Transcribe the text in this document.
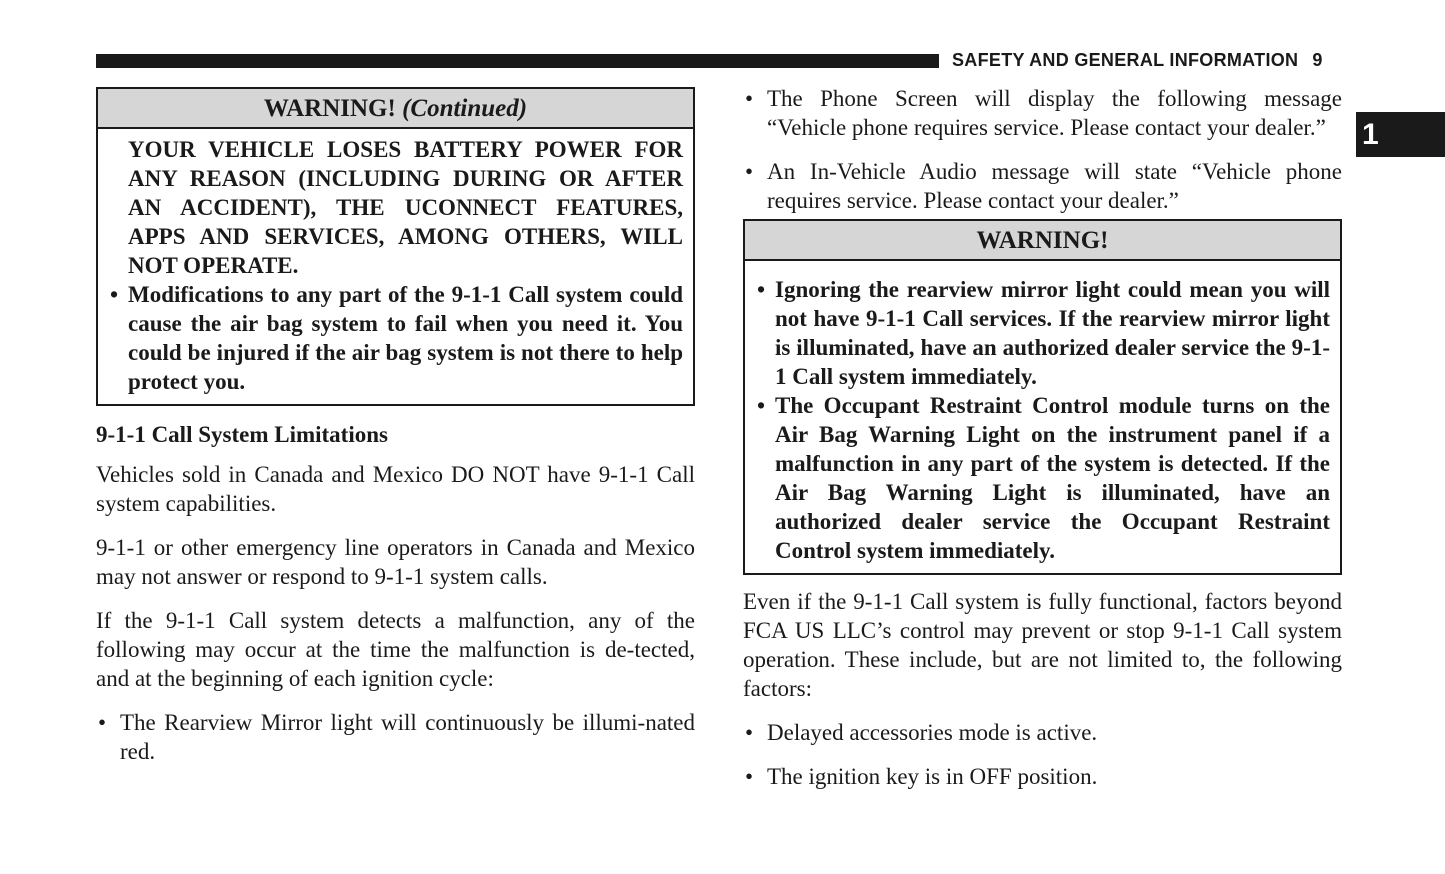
SAFETY AND GENERAL INFORMATION 9
1
WARNING! (Continued)

YOUR VEHICLE LOSES BATTERY POWER FOR ANY REASON (INCLUDING DURING OR AFTER AN ACCIDENT), THE UCONNECT FEATURES, APPS AND SERVICES, AMONG OTHERS, WILL NOT OPERATE.

• Modifications to any part of the 9-1-1 Call system could cause the air bag system to fail when you need it. You could be injured if the air bag system is not there to help protect you.

9-1-1 Call System Limitations

Vehicles sold in Canada and Mexico DO NOT have 9-1-1 Call system capabilities.

9-1-1 or other emergency line operators in Canada and Mexico may not answer or respond to 9-1-1 system calls.

If the 9-1-1 Call system detects a malfunction, any of the following may occur at the time the malfunction is de-tected, and at the beginning of each ignition cycle:

• The Rearview Mirror light will continuously be illumi-nated red.

• The Phone Screen will display the following message “Vehicle phone requires service. Please contact your dealer.”

• An In-Vehicle Audio message will state “Vehicle phone requires service. Please contact your dealer.”

WARNING!

• Ignoring the rearview mirror light could mean you will not have 9-1-1 Call services. If the rearview mirror light is illuminated, have an authorized dealer service the 9-1-1 Call system immediately.

• The Occupant Restraint Control module turns on the Air Bag Warning Light on the instrument panel if a malfunction in any part of the system is detected. If the Air Bag Warning Light is illuminated, have an authorized dealer service the Occupant Restraint Control system immediately.

Even if the 9-1-1 Call system is fully functional, factors beyond FCA US LLC’s control may prevent or stop 9-1-1 Call system operation. These include, but are not limited to, the following factors:

• Delayed accessories mode is active.

• The ignition key is in OFF position.
